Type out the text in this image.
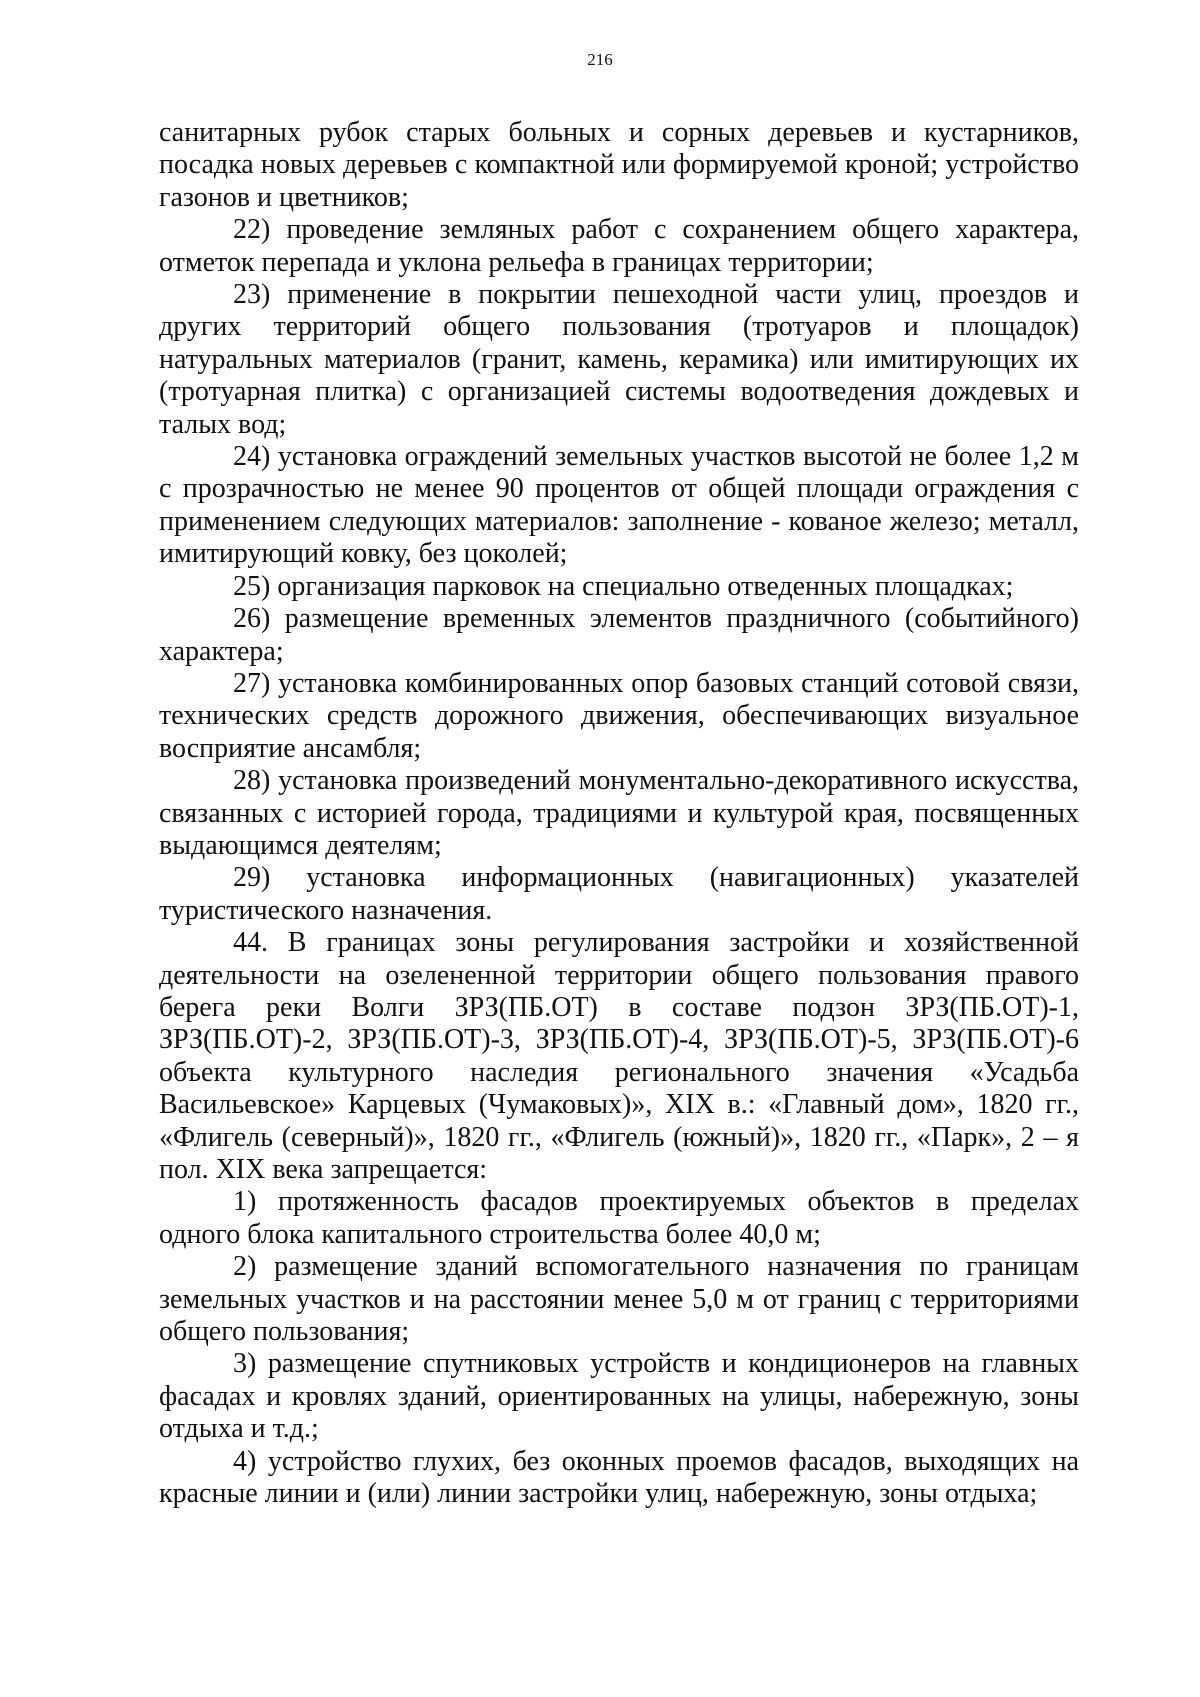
216

санитарных рубок старых больных и сорных деревьев и кустарников, посадка новых деревьев с компактной или формируемой кроной; устройство газонов и цветников;

22) проведение земляных работ с сохранением общего характера, отметок перепада и уклона рельефа в границах территории;

23) применение в покрытии пешеходной части улиц, проездов и других территорий общего пользования (тротуаров и площадок) натуральных материалов (гранит, камень, керамика) или имитирующих их (тротуарная плитка) с организацией системы водоотведения дождевых и талых вод;

24) установка ограждений земельных участков высотой не более 1,2 м с прозрачностью не менее 90 процентов от общей площади ограждения с применением следующих материалов: заполнение - кованое железо; металл, имитирующий ковку, без цоколей;

25) организация парковок на специально отведенных площадках;

26) размещение временных элементов праздничного (событийного) характера;

27) установка комбинированных опор базовых станций сотовой связи, технических средств дорожного движения, обеспечивающих визуальное восприятие ансамбля;

28) установка произведений монументально-декоративного искусства, связанных с историей города, традициями и культурой края, посвященных выдающимся деятелям;

29) установка информационных (навигационных) указателей туристического назначения.

44. В границах зоны регулирования застройки и хозяйственной деятельности на озелененной территории общего пользования правого берега реки Волги ЗРЗ(ПБ.ОТ) в составе подзон ЗРЗ(ПБ.ОТ)-1, ЗРЗ(ПБ.ОТ)-2, ЗРЗ(ПБ.ОТ)-3, ЗРЗ(ПБ.ОТ)-4, ЗРЗ(ПБ.ОТ)-5, ЗРЗ(ПБ.ОТ)-6 объекта культурного наследия регионального значения «Усадьба Васильевское» Карцевых (Чумаковых)», XIX в.: «Главный дом», 1820 гг., «Флигель (северный)», 1820 гг., «Флигель (южный)», 1820 гг., «Парк», 2 – я пол. XIX века запрещается:

1) протяженность фасадов проектируемых объектов в пределах одного блока капитального строительства более 40,0 м;

2) размещение зданий вспомогательного назначения по границам земельных участков и на расстоянии менее 5,0 м от границ с территориями общего пользования;

3) размещение спутниковых устройств и кондиционеров на главных фасадах и кровлях зданий, ориентированных на улицы, набережную, зоны отдыха и т.д.;

4) устройство глухих, без оконных проемов фасадов, выходящих на красные линии и (или) линии застройки улиц, набережную, зоны отдыха;
